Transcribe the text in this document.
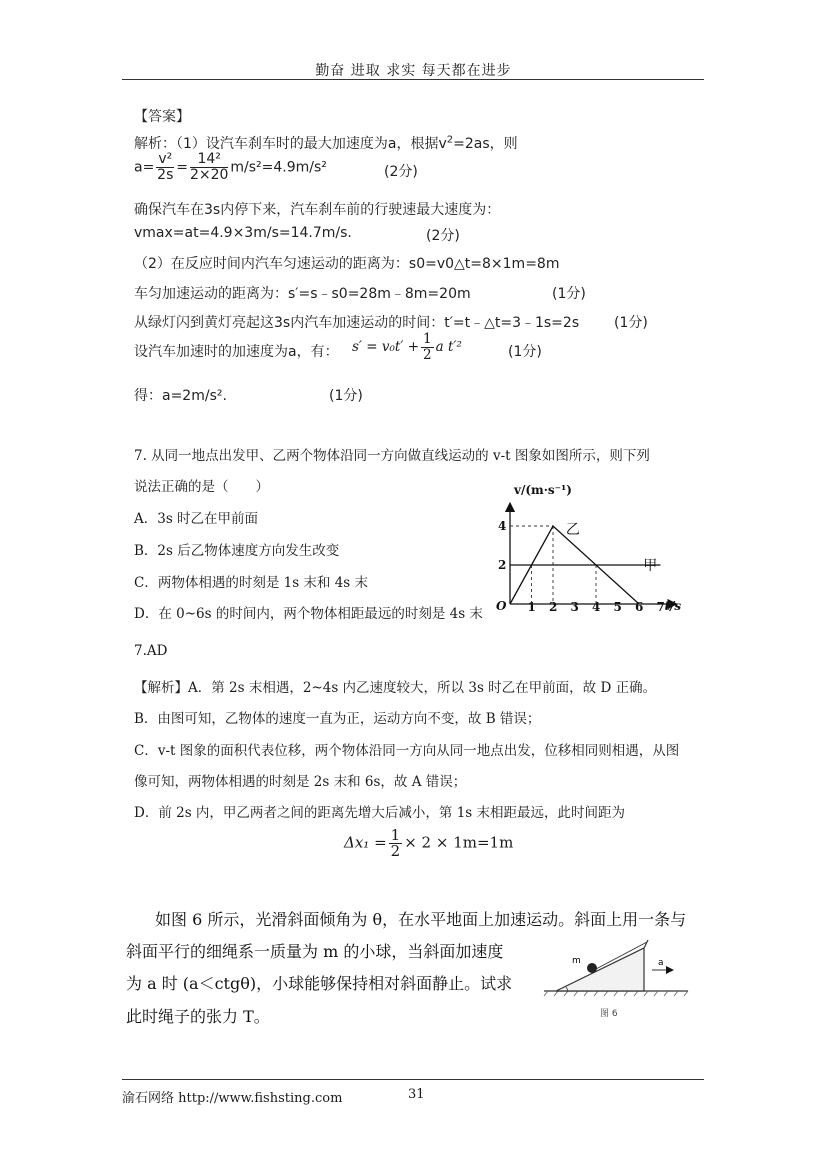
勤奋 进取 求实 每天都在进步
【答案】
解析：（1）设汽车刹车时的最大加速度为a，根据$v^2=2as$，则
$a= \frac{\text{v²}}{2s} = \frac{\text{14²}}{2\times 20} m/s^2=4.9m/s^2$	(2分)
确保汽车在3s内停下来，汽车刹车前的行驶速最大速度为：
vmax=at=4.9×3m/s=14.7m/s.	(2分)
（2）在反应时间内汽车匀速运动的距离为：s0=v0△t=8×1m=8m
车匀加速运动的距离为：s′=s﹣s0=28m﹣8m=20m	(1分)
从绿灯闪到黄灯亮起这3s内汽车加速运动的时间：t′=t﹣△t=3﹣1s=2s (1分)
设汽车加速时的加速度为a，有： $s' = v_0t' + \frac{1}{2}$ a t′²	(1分)
得：a=2m/s².	(1分)
7. 从同一地点出发甲、乙两个物体沿同一方向做直线运动的 v-t 图象如图所示，则下列
说法正确的是（　　）
A．3s 时乙在甲前面
B．2s 后乙物体速度方向发生改变
C．两物体相遇的时刻是 1s 末和 4s 末
D．在 0~6s 的时间内，两个物体相距最远的时刻是 4s 末
v/(m·s⁻¹)
t/s
O 1 2 3 4 5 6 7
2
4	乙
甲
7.AD
【解析】A．第 2s 末相遇，2~4s 内乙速度较大，所以 3s 时乙在甲前面，故 D 正确。
B．由图可知，乙物体的速度一直为正，运动方向不变，故 B 错误；
C．v-t 图象的面积代表位移，两个物体沿同一方向从同一地点出发，位移相同则相遇，从图
像可知，两物体相遇的时刻是 2s 末和 6s，故 A 错误；
D．前 2s 内，甲乙两者之间的距离先增大后减小，第 1s 末相距最远，此时间距为
$\Delta x_1 = \frac{1}{2} \times 2 \times 1m=1m$
如图 6 所示，光滑斜面倾角为 θ，在水平地面上加速运动。斜面上用一条与
斜面平行的细绳系一质量为 m 的小球，当斜面加速度
为 a 时 (a＜ctgθ)，小球能够保持相对斜面静止。试求
此时绳子的张力 T。
m	a
图 6
渝石网络 http://www.fishsting.com	31
